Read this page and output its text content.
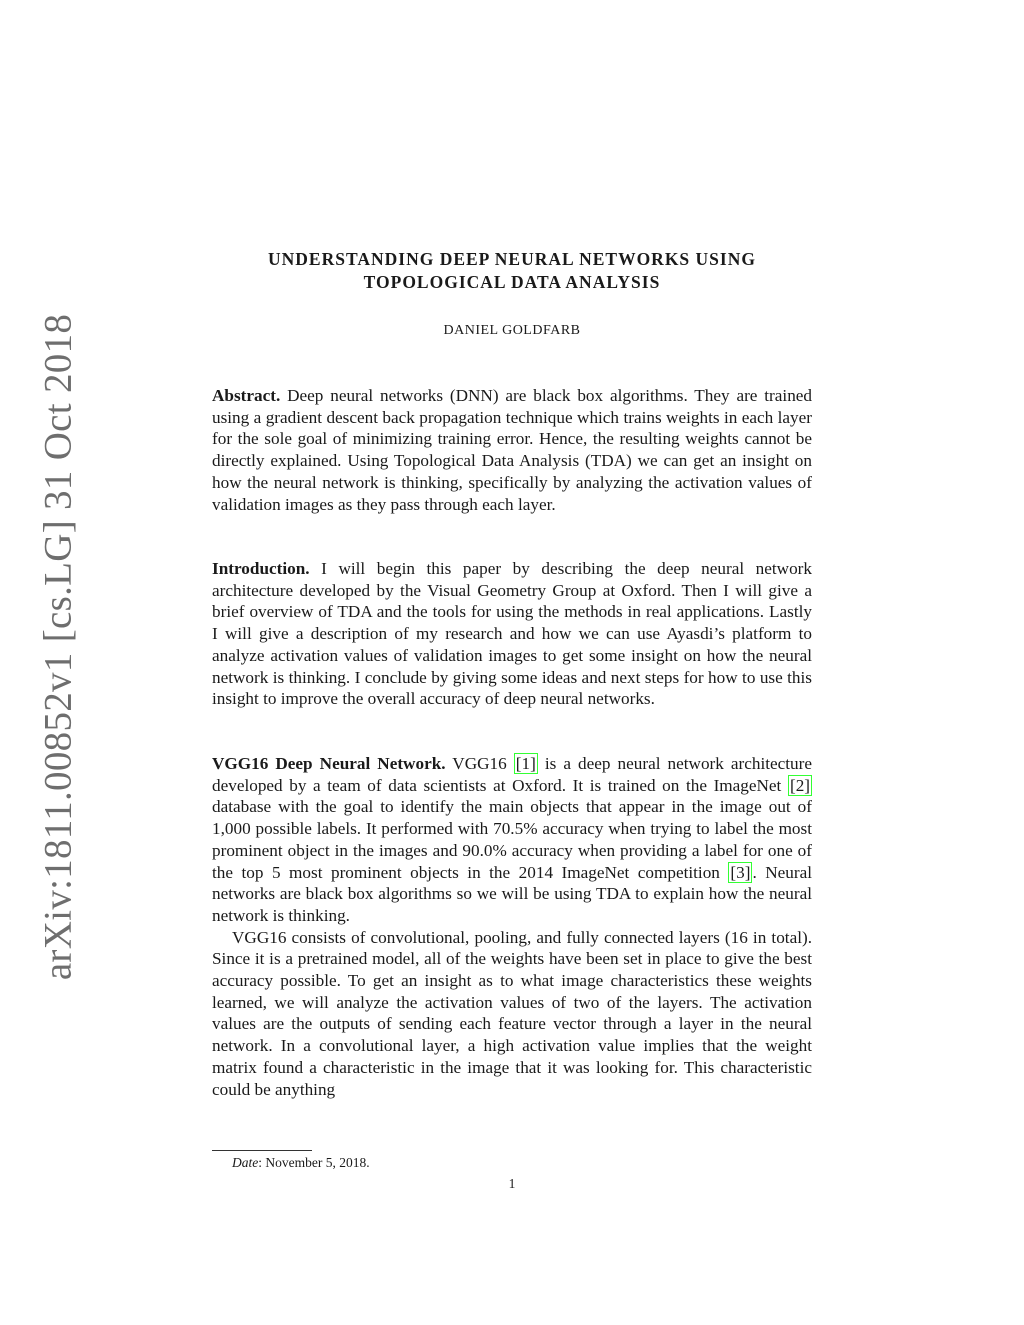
arXiv:1811.00852v1 [cs.LG] 31 Oct 2018
UNDERSTANDING DEEP NEURAL NETWORKS USING
TOPOLOGICAL DATA ANALYSIS
DANIEL GOLDFARB

Abstract. Deep neural networks (DNN) are black box algorithms. They are trained using a gradient descent back propagation technique which trains weights in each layer for the sole goal of minimizing training error. Hence, the resulting weights cannot be directly explained. Using Topological Data Analysis (TDA) we can get an insight on how the neural network is thinking, specifically by analyzing the activation values of validation images as they pass through each layer.

Introduction. I will begin this paper by describing the deep neural network architecture developed by the Visual Geometry Group at Oxford. Then I will give a brief overview of TDA and the tools for using the methods in real applications. Lastly I will give a description of my research and how we can use Ayasdi’s platform to analyze activation values of validation images to get some insight on how the neural network is thinking. I conclude by giving some ideas and next steps for how to use this insight to improve the overall accuracy of deep neural networks.

VGG16 Deep Neural Network. VGG16 [1] is a deep neural network architecture developed by a team of data scientists at Oxford. It is trained on the ImageNet [2] database with the goal to identify the main objects that appear in the image out of 1,000 possible labels. It performed with 70.5% accuracy when trying to label the most prominent object in the images and 90.0% accuracy when providing a label for one of the top 5 most prominent objects in the 2014 ImageNet competition [3] . Neural networks are black box algorithms so we will be using TDA to explain how the neural network is thinking.

VGG16 consists of convolutional, pooling, and fully connected layers (16 in total). Since it is a pretrained model, all of the weights have been set in place to give the best accuracy possible. To get an insight as to what image characteristics these weights learned, we will analyze the activation values of two of the layers. The activation values are the outputs of sending each feature vector through a layer in the neural network. In a convolutional layer, a high activation value implies that the weight matrix found a characteristic in the image that it was looking for. This characteristic could be anything

Date: November 5, 2018.
1
